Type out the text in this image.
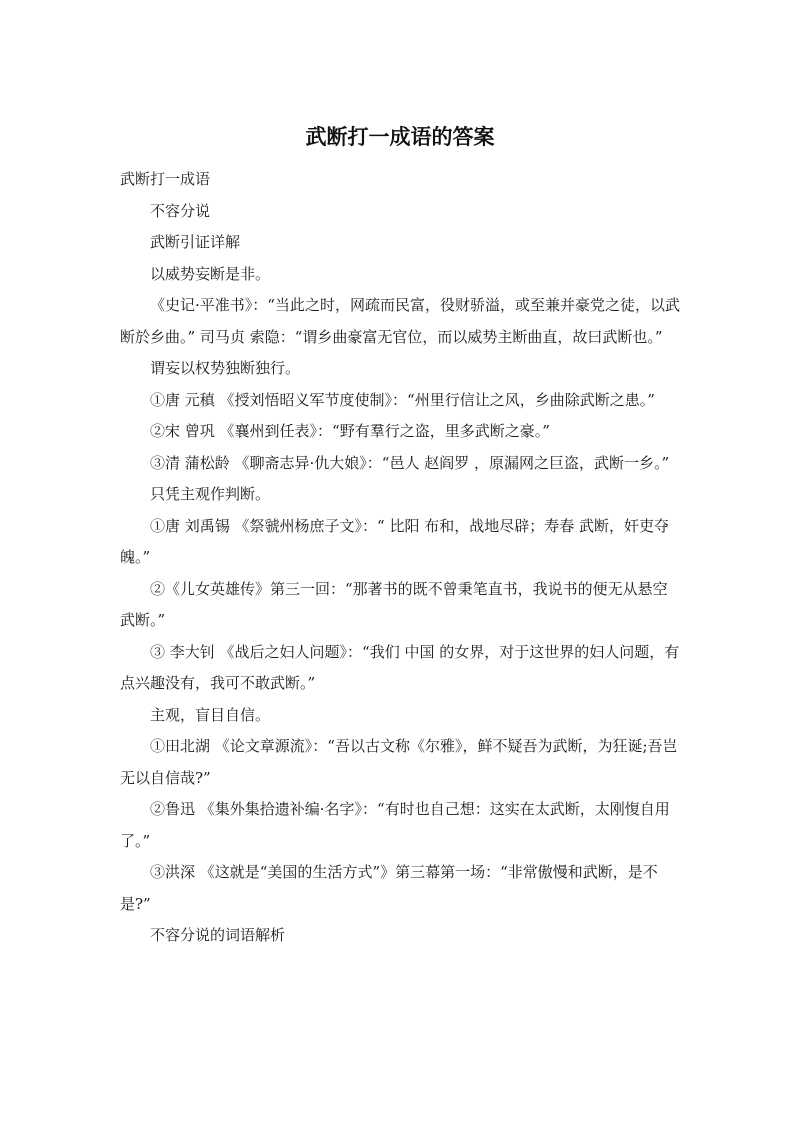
武断打一成语的答案

武断打一成语

不容分说

武断引证详解

以威势妄断是非。

《史记·平准书》：“当此之时，网疏而民富，役财骄溢，或至兼并豪党之徒，以武断於乡曲。” 司马贞 索隐：“谓乡曲豪富无官位，而以威势主断曲直，故曰武断也。”

谓妄以权势独断独行。

①唐 元稹 《授刘悟昭义军节度使制》：“州里行信让之风，乡曲除武断之患。”

②宋 曾巩 《襄州到任表》：“野有羣行之盗，里多武断之豪。”

③清 蒲松龄 《聊斋志异·仇大娘》：“邑人 赵阎罗 ，原漏网之巨盗，武断一乡。”

只凭主观作判断。

①唐 刘禹锡 《祭虢州杨庶子文》：“ 比阳 布和，战地尽辟；寿春 武断，奸吏夺魄。”

②《儿女英雄传》第三一回：“那著书的既不曾秉笔直书，我说书的便无从悬空武断。”

③ 李大钊 《战后之妇人问题》：“我们 中国 的女界，对于这世界的妇人问题，有点兴趣没有，我可不敢武断。”

主观，盲目自信。

①田北湖 《论文章源流》：“吾以古文称《尔雅》，鲜不疑吾为武断，为狂诞;吾岂无以自信哉?”

②鲁迅 《集外集拾遗补编·名字》：“有时也自己想：这实在太武断，太刚愎自用了。”

③洪深 《这就是“美国的生活方式”》第三幕第一场：“非常傲慢和武断，是不是?”

不容分说的词语解析
